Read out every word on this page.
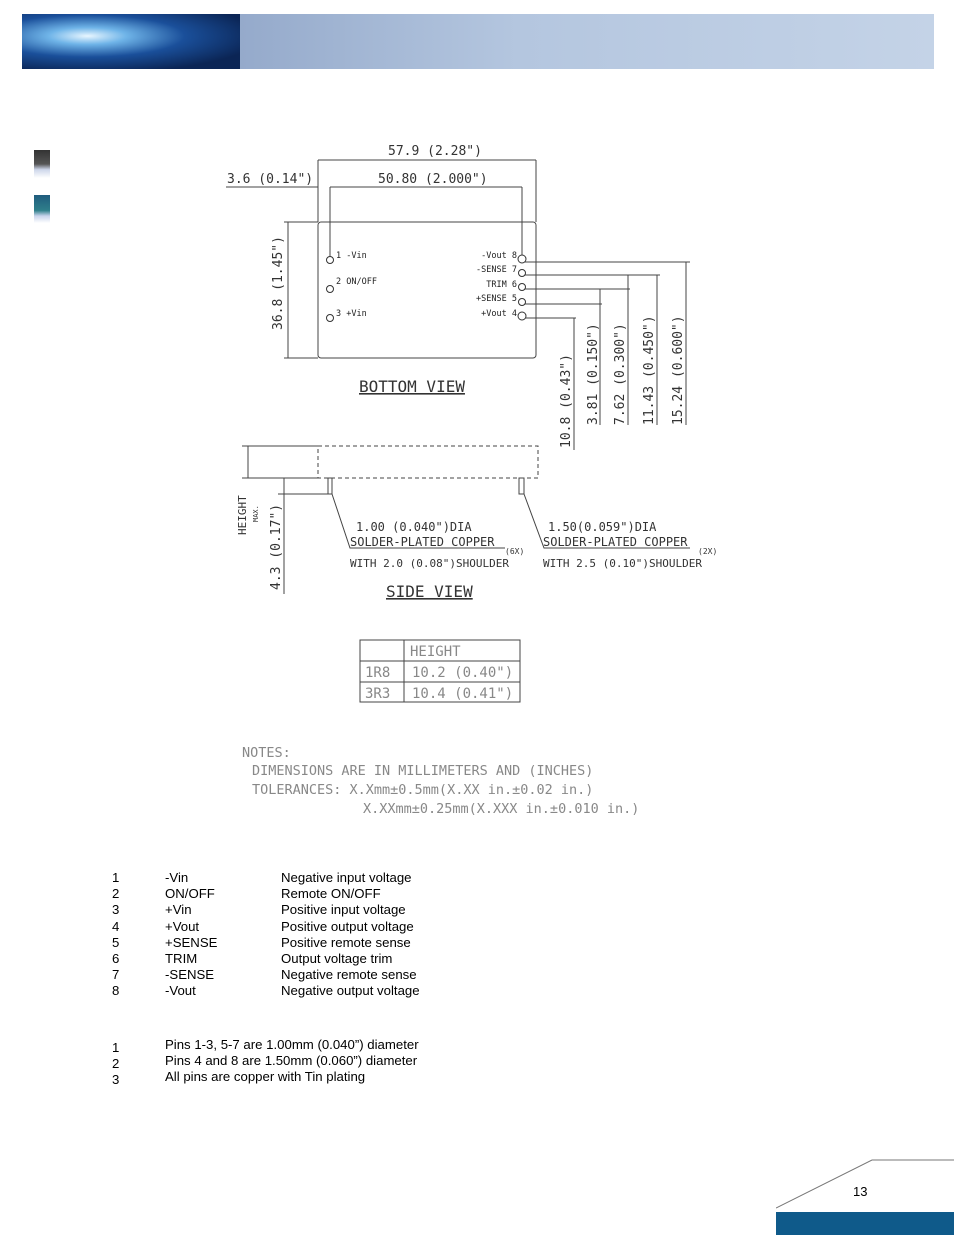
57.9 (2.28")
50.80 (2.000")
3.6 (0.14")
36.8 (1.45")	1 -Vin
2 ON/OFF
3 +Vin
-Vout 8
-SENSE 7
TRIM 6
+SENSE 5
+Vout 4
10.8 (0.43") 3.81 (0.150") 7.62 (0.300") 11.43 (0.450") 15.24 (0.600")
BOTTOM VIEW
SIDE VIEW
HEIGHT MAX. 4.3 (0.17")	1.00 (0.040")DIA
SOLDER-PLATED COPPER
WITH 2.0 (0.08")SHOULDER
(6X)
1.50(0.059")DIA
SOLDER-PLATED COPPER
WITH 2.5 (0.10")SHOULDER
(2X)
HEIGHT
1R8 10.2 (0.40")
3R3 10.4 (0.41")
NOTES:
DIMENSIONS ARE IN MILLIMETERS AND (INCHES)
TOLERANCES: X.Xmm±0.5mm(X.XX in.±0.02 in.)
X.XXmm±0.25mm(X.XXX in.±0.010 in.)
1	-Vin	Negative input voltage
2	ON/OFF	Remote ON/OFF
3	+Vin	Positive input voltage
4	+Vout	Positive output voltage
5	+SENSE	Positive remote sense
6	TRIM	Output voltage trim
7	-SENSE	Negative remote sense
8	-Vout	Negative output voltage
1	Pins 1-3, 5-7 are 1.00mm (0.040”) diameter
2	Pins 4 and 8 are 1.50mm (0.060”) diameter
3	All pins are copper with Tin plating
13
